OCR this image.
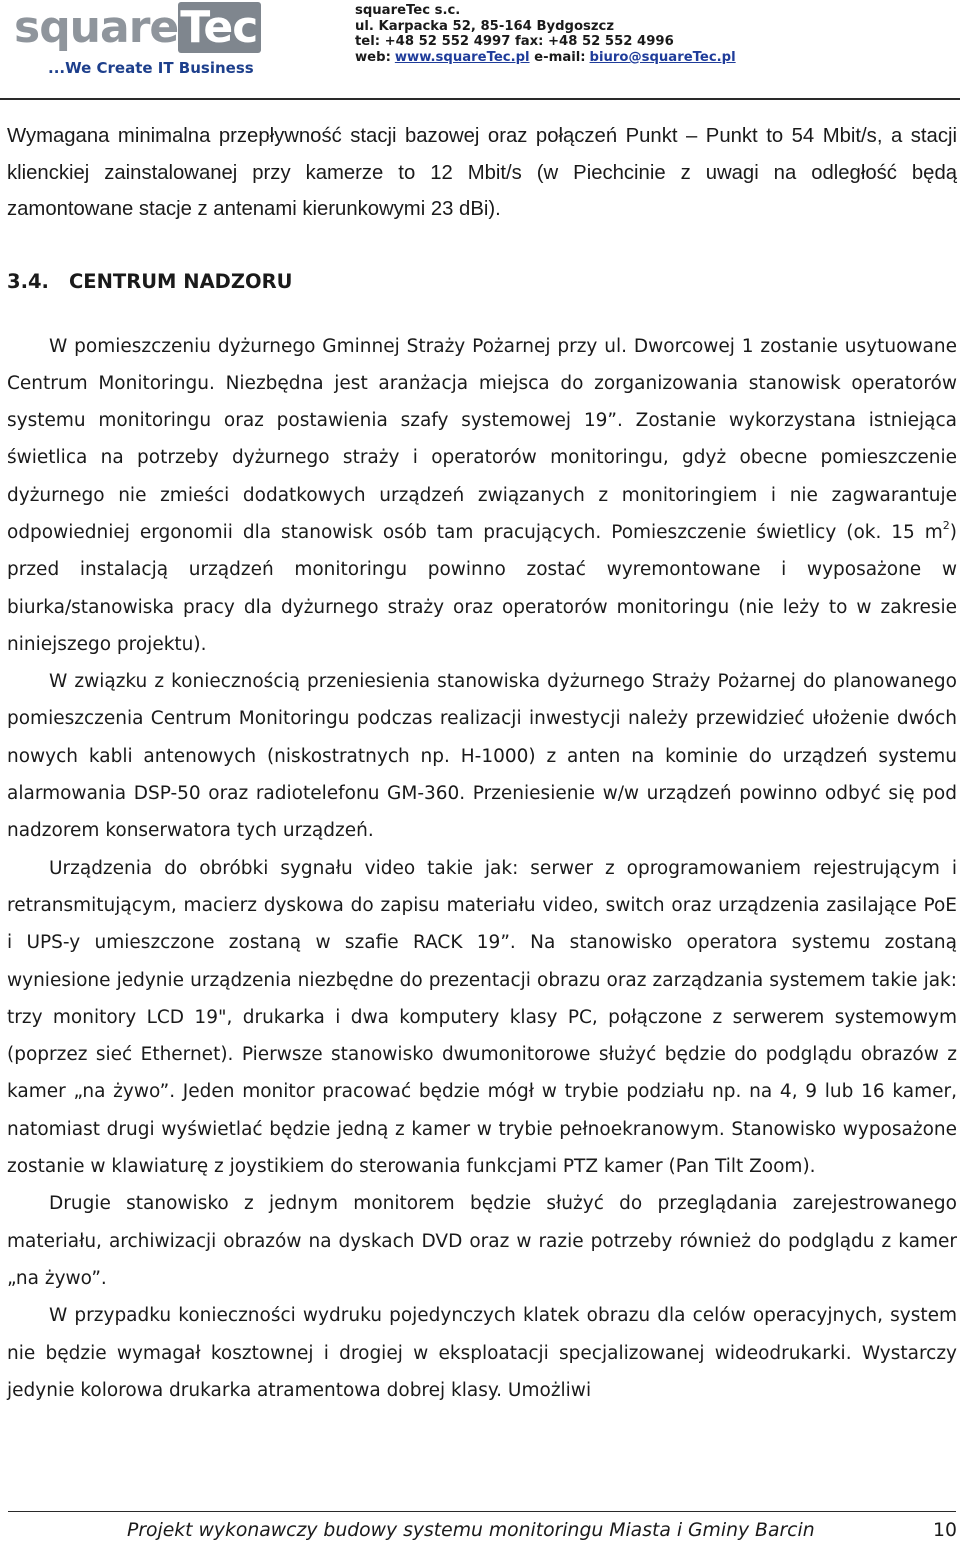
squareTec
...We Create IT Business
squareTec s.c.
ul. Karpacka 52, 85-164 Bydgoszcz
tel: +48 52 552 4997 fax: +48 52 552 4996
web: www.squareTec.pl e-mail: biuro@squareTec.pl

Wymagana minimalna przepływność stacji bazowej oraz połączeń Punkt – Punkt to 54 Mbit/s, a stacji klienckiej zainstalowanej przy kamerze to 12 Mbit/s (w Piechcinie z uwagi na odległość będą zamontowane stacje z antenami kierunkowymi 23 dBi).

3.4. CENTRUM NADZORU

W pomieszczeniu dyżurnego Gminnej Straży Pożarnej przy ul. Dworcowej 1 zostanie usytuowane Centrum Monitoringu. Niezbędna jest aranżacja miejsca do zorganizowania stanowisk operatorów systemu monitoringu oraz postawienia szafy systemowej 19”. Zostanie wykorzystana istniejąca świetlica na potrzeby dyżurnego straży i operatorów monitoringu, gdyż obecne pomieszczenie dyżurnego nie zmieści dodatkowych urządzeń związanych z monitoringiem i nie zagwarantuje odpowiedniej ergonomii dla stanowisk osób tam pracujących. Pomieszczenie świetlicy (ok. 15 $m^2$) przed instalacją urządzeń monitoringu powinno zostać wyremontowane i wyposażone w biurka/stanowiska pracy dla dyżurnego straży oraz operatorów monitoringu (nie leży to w zakresie niniejszego projektu).

W związku z koniecznością przeniesienia stanowiska dyżurnego Straży Pożarnej do planowanego pomieszczenia Centrum Monitoringu podczas realizacji inwestycji należy przewidzieć ułożenie dwóch nowych kabli antenowych (niskostratnych np. H-1000) z anten na kominie do urządzeń systemu alarmowania DSP-50 oraz radiotelefonu GM-360. Przeniesienie w/w urządzeń powinno odbyć się pod nadzorem konserwatora tych urządzeń.

Urządzenia do obróbki sygnału video takie jak: serwer z oprogramowaniem rejestrującym i retransmitującym, macierz dyskowa do zapisu materiału video, switch oraz urządzenia zasilające PoE i UPS-y umieszczone zostaną w szafie RACK 19”. Na stanowisko operatora systemu zostaną wyniesione jedynie urządzenia niezbędne do prezentacji obrazu oraz zarządzania systemem takie jak: trzy monitory LCD 19", drukarka i dwa komputery klasy PC, połączone z serwerem systemowym (poprzez sieć Ethernet). Pierwsze stanowisko dwumonitorowe służyć będzie do podglądu obrazów z kamer „na żywo”. Jeden monitor pracować będzie mógł w trybie podziału np. na 4, 9 lub 16 kamer, natomiast drugi wyświetlać będzie jedną z kamer w trybie pełnoekranowym. Stanowisko wyposażone zostanie w klawiaturę z joystikiem do sterowania funkcjami PTZ kamer (Pan Tilt Zoom).

Drugie stanowisko z jednym monitorem będzie służyć do przeglądania zarejestrowanego materiału, archiwizacji obrazów na dyskach DVD oraz w razie potrzeby również do podglądu z kamer „na żywo”.

W przypadku konieczności wydruku pojedynczych klatek obrazu dla celów operacyjnych, system nie będzie wymagał kosztownej i drogiej w eksploatacji specjalizowanej wideodrukarki. Wystarczy jedynie kolorowa drukarka atramentowa dobrej klasy. Umożliwi

Projekt wykonawczy budowy systemu monitoringu Miasta i Gminy Barcin	10
